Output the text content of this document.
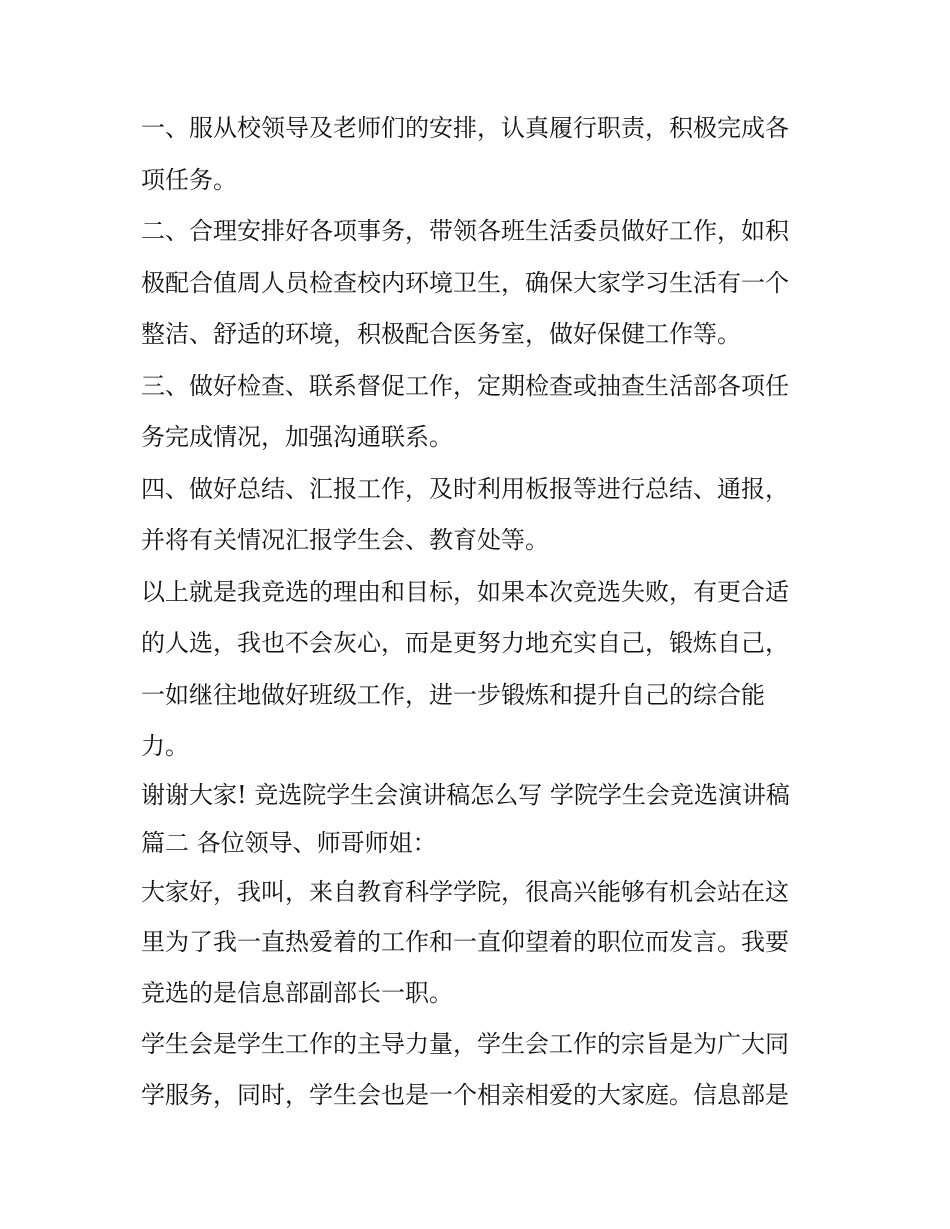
一、服从校领导及老师们的安排，认真履行职责，积极完成各
项任务。
二、合理安排好各项事务，带领各班生活委员做好工作，如积
极配合值周人员检查校内环境卫生，确保大家学习生活有一个
整洁、舒适的环境，积极配合医务室，做好保健工作等。
三、做好检查、联系督促工作，定期检查或抽查生活部各项任
务完成情况，加强沟通联系。
四、做好总结、汇报工作，及时利用板报等进行总结、通报，
并将有关情况汇报学生会、教育处等。
以上就是我竞选的理由和目标，如果本次竞选失败，有更合适
的人选，我也不会灰心，而是更努力地充实自己，锻炼自己，
一如继往地做好班级工作，进一步锻炼和提升自己的综合能
力。
谢谢大家! 竞选院学生会演讲稿怎么写 学院学生会竞选演讲稿
篇二 各位领导、师哥师姐：
大家好，我叫，来自教育科学学院，很高兴能够有机会站在这
里为了我一直热爱着的工作和一直仰望着的职位而发言。我要
竞选的是信息部副部长一职。
学生会是学生工作的主导力量，学生会工作的宗旨是为广大同
学服务，同时，学生会也是一个相亲相爱的大家庭。信息部是
